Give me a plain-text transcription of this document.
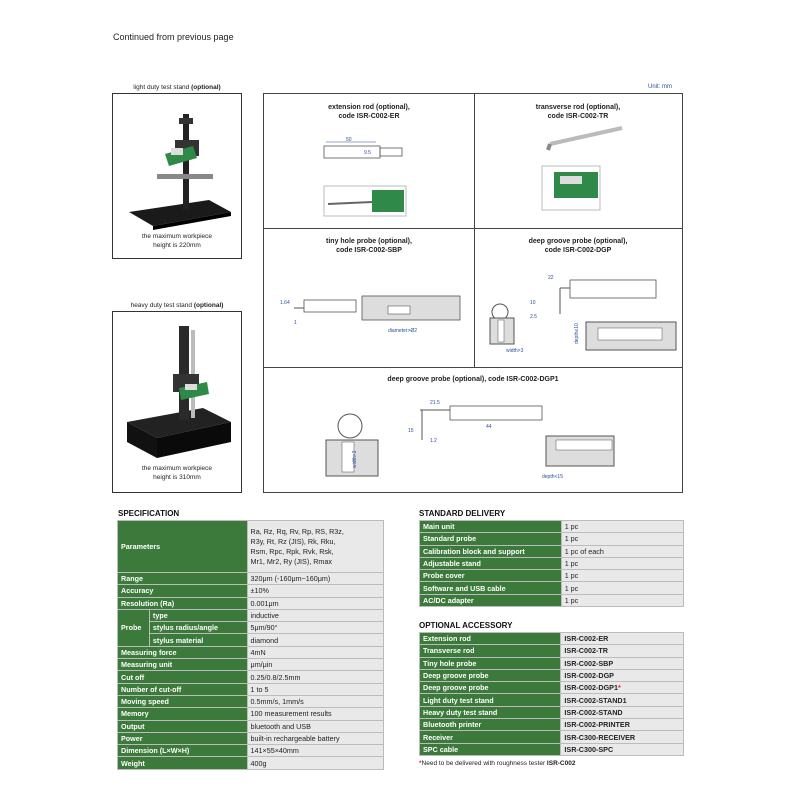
Continued from previous page
Unit: mm
light duty test stand (optional)
the maximum workpiece
height is 220mm
heavy duty test stand (optional)
the maximum workpiece
height is 310mm
extension rod (optional),
code ISR-C002-ER
50
9.5
transverse rod (optional),
code ISR-C002-TR
tiny hole probe (optional),
code ISR-C002-SBP
1.6 4
1
diameter>Ø2
deep groove probe (optional),
code ISR-C002-DGP
22
10
2.5
width>3
depth≤10
deep groove probe (optional), code ISR-C002-DGP1
width>3
21.5
44
15
1.2
depth<15
SPECIFICATION
Parameters		Ra, Rz, Rq, Rv, Rp, RS, R3z,
R3y, Rt, Rz (JIS), Rk, Rku,
Rsm, Rpc, Rpk, Rvk, Rsk,
Mr1, Mr2, Ry (JIS), Rmax

Range		320μm (-160μm~160μm)
Accuracy		±10%
Resolution (Ra)		0.001μm
Probe	type	inductive
	stylus radius/angle	5μm/90°
	stylus material	diamond
Measuring force		4mN
Measuring unit		μm/μin
Cut off		0.25/0.8/2.5mm
Number of cut-off		1 to 5
Moving speed		0.5mm/s, 1mm/s
Memory		100 measurement results
Output		bluetooth and USB
Power		built-in rechargeable battery
Dimension (L×W×H)		141×55×40mm
Weight		400g
STANDARD DELIVERY
Main unit	1 pc
Standard probe	1 pc
Calibration block and support	1 pc of each
Adjustable stand	1 pc
Probe cover	1 pc
Software and USB cable	1 pc
AC/DC adapter	1 pc
OPTIONAL ACCESSORY
Extension rod	ISR-C002-ER
Transverse rod	ISR-C002-TR
Tiny hole probe	ISR-C002-SBP
Deep groove probe	ISR-C002-DGP
Deep groove probe	ISR-C002-DGP1*
Light duty test stand	ISR-C002-STAND1
Heavy duty test stand	ISR-C002-STAND
Bluetooth printer	ISR-C002-PRINTER
Receiver	ISR-C300-RECEIVER
SPC cable	ISR-C300-SPC
*Need to be delivered with roughness tester ISR-C002
